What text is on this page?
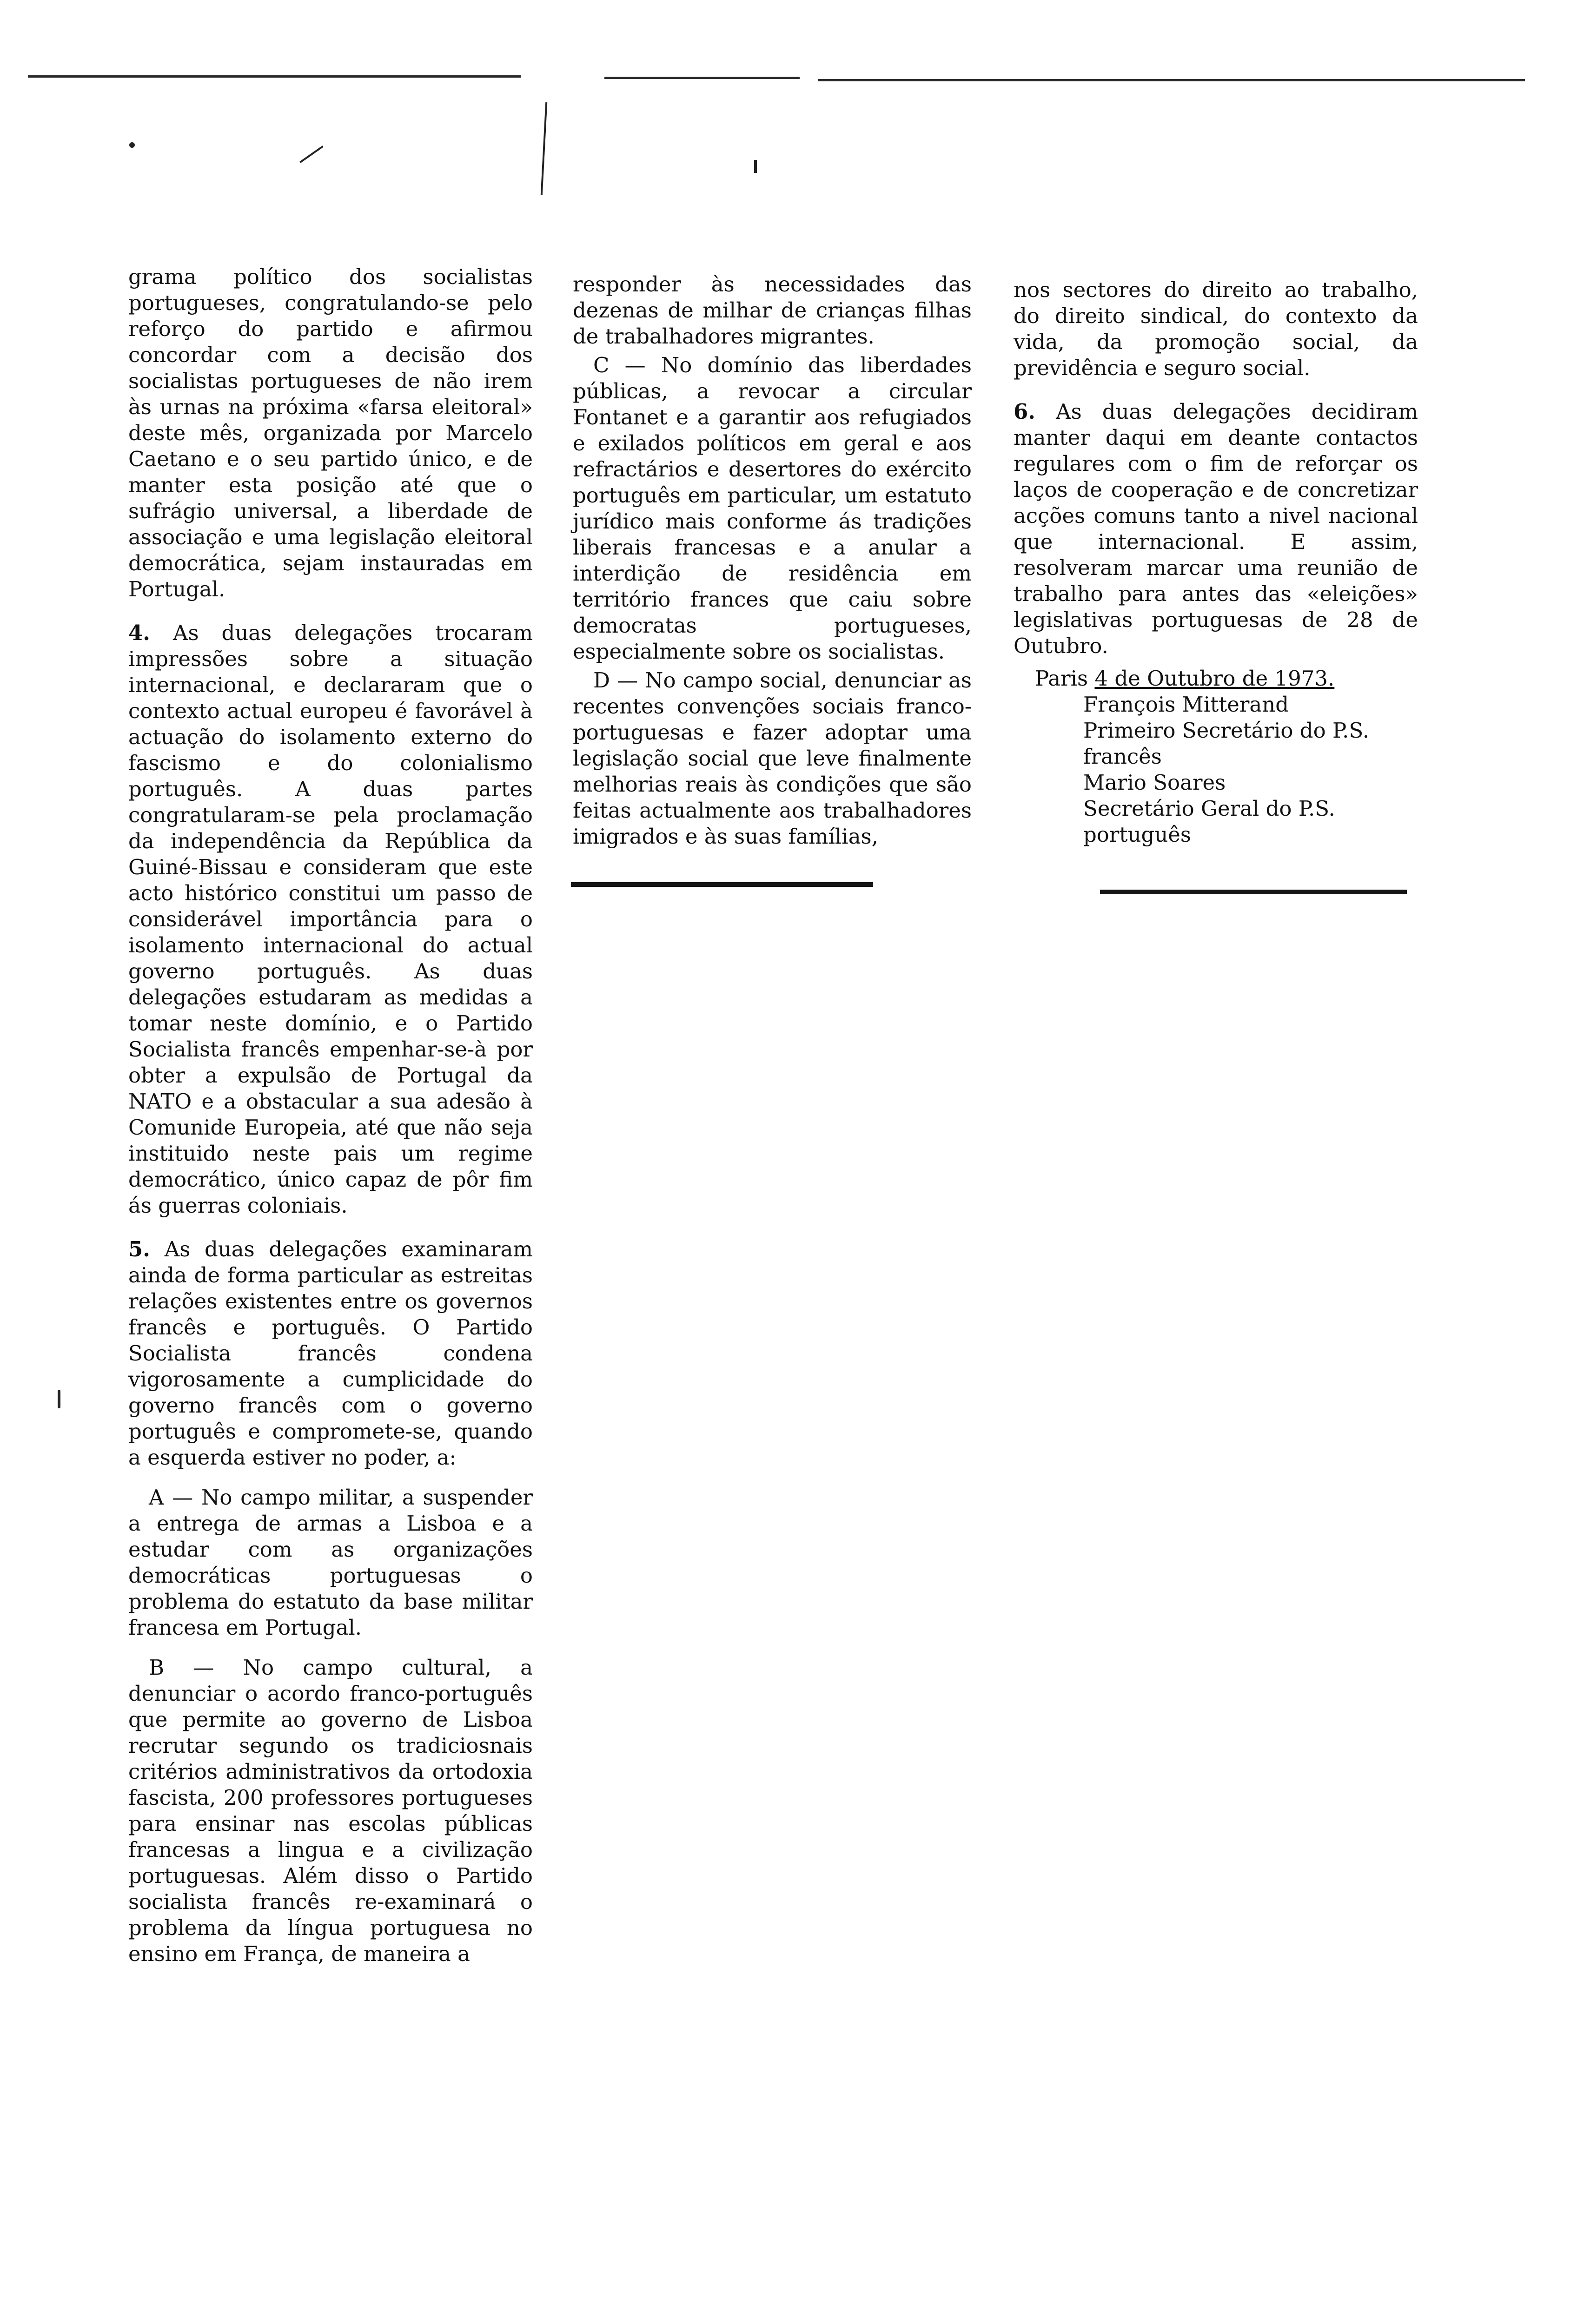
grama político dos socialistas portugueses, congratulando-se pelo reforço do partido e afirmou concordar com a decisão dos socialistas portugueses de não irem às urnas na próxima «farsa eleitoral» deste mês, organizada por Marcelo Caetano e o seu partido único, e de manter esta posição até que o sufrágio universal, a liberdade de associação e uma legislação eleitoral democrática, sejam instauradas em Portugal.

4. As duas delegações trocaram impressões sobre a situação internacional, e declararam que o contexto actual europeu é favorável à actuação do isolamento externo do fascismo e do colonialismo português. A duas partes congratularam-se pela proclamação da independência da República da Guiné-Bissau e consideram que este acto histórico constitui um passo de considerável importância para o isolamento internacional do actual governo português. As duas delegações estudaram as medidas a tomar neste domínio, e o Partido Socialista francês empenhar-se-à por obter a expulsão de Portugal da NATO e a obstacular a sua adesão à Comunide Europeia, até que não seja instituido neste pais um regime democrático, único capaz de pôr fim ás guerras coloniais.

5. As duas delegações examinaram ainda de forma particular as estreitas relações existentes entre os governos francês e português. O Partido Socialista francês condena vigorosamente a cumplicidade do governo francês com o governo português e compromete-se, quando a esquerda estiver no poder, a:

A — No campo militar, a suspender a entrega de armas a Lisboa e a estudar com as organizações democráticas portuguesas o problema do estatuto da base militar francesa em Portugal.

B — No campo cultural, a denunciar o acordo franco-português que permite ao governo de Lisboa recrutar segundo os tradiciosnais critérios administrativos da ortodoxia fascista, 200 professores portugueses para ensinar nas escolas públicas francesas a lingua e a civilização portuguesas. Além disso o Partido socialista francês re-examinará o problema da língua portuguesa no ensino em França, de maneira a

responder às necessidades das dezenas de milhar de crianças filhas de trabalhadores migrantes.

C — No domínio das liberdades públicas, a revocar a circular Fontanet e a garantir aos refugiados e exilados políticos em geral e aos refractários e desertores do exército português em particular, um estatuto jurídico mais conforme ás tradições liberais francesas e a anular a interdição de residência em território frances que caiu sobre democratas portugueses, especialmente sobre os socialistas.

D — No campo social, denunciar as recentes convenções sociais franco-portuguesas e fazer adoptar uma legislação social que leve finalmente melhorias reais às condições que são feitas actualmente aos trabalhadores imigrados e às suas famílias,

nos sectores do direito ao trabalho, do direito sindical, do contexto da vida, da promoção social, da previdência e seguro social.

6. As duas delegações decidiram manter daqui em deante contactos regulares com o fim de reforçar os laços de cooperação e de concretizar acções comuns tanto a nivel nacional que internacional. E assim, resolveram marcar uma reunião de trabalho para antes das «eleições» legislativas portuguesas de 28 de Outubro.

Paris 4 de Outubro de 1973.
François Mitterand
Primeiro Secretário do P.S. francês
Mario Soares
Secretário Geral do P.S. português
